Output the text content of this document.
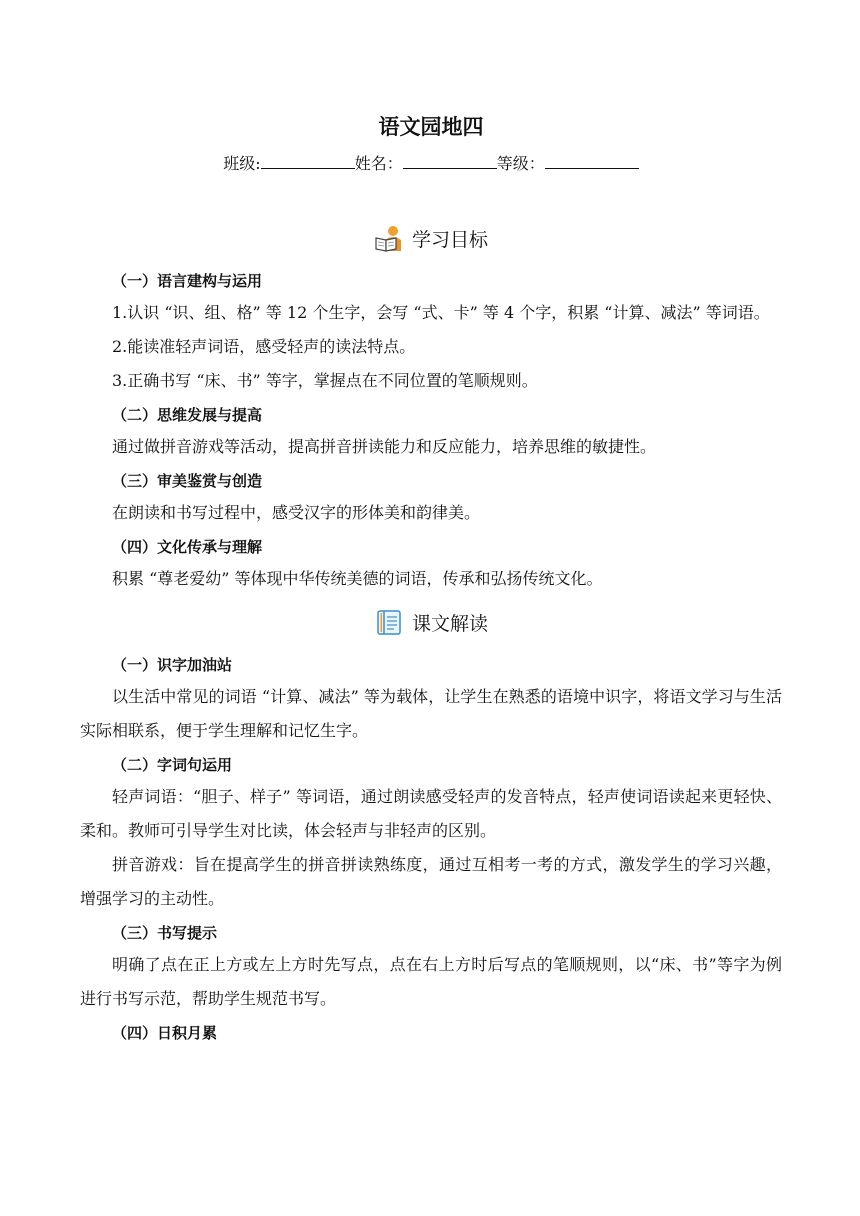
语文园地四
班级:	姓名：	等级：
学习目标
（一）语言建构与运用

1.认识 “识、组、格” 等 12 个生字，会写 “式、卡” 等 4 个字，积累 “计算、减法” 等词语。

2.能读准轻声词语，感受轻声的读法特点。

3.正确书写 “床、书” 等字，掌握点在不同位置的笔顺规则。

（二）思维发展与提高

通过做拼音游戏等活动，提高拼音拼读能力和反应能力，培养思维的敏捷性。

（三）审美鉴赏与创造

在朗读和书写过程中，感受汉字的形体美和韵律美。

（四）文化传承与理解

积累 “尊老爱幼” 等体现中华传统美德的词语，传承和弘扬传统文化。

课文解读
（一）识字加油站

以生活中常见的词语 “计算、减法” 等为载体，让学生在熟悉的语境中识字，将语文学习与生活实际相联系，便于学生理解和记忆生字。

（二）字词句运用

轻声词语：“胆子、样子” 等词语，通过朗读感受轻声的发音特点，轻声使词语读起来更轻快、柔和。教师可引导学生对比读，体会轻声与非轻声的区别。

拼音游戏：旨在提高学生的拼音拼读熟练度，通过互相考一考的方式，激发学生的学习兴趣，增强学习的主动性。

（三）书写提示

明确了点在正上方或左上方时先写点，点在右上方时后写点的笔顺规则，以“床、书”等字为例进行书写示范，帮助学生规范书写。

（四）日积月累
